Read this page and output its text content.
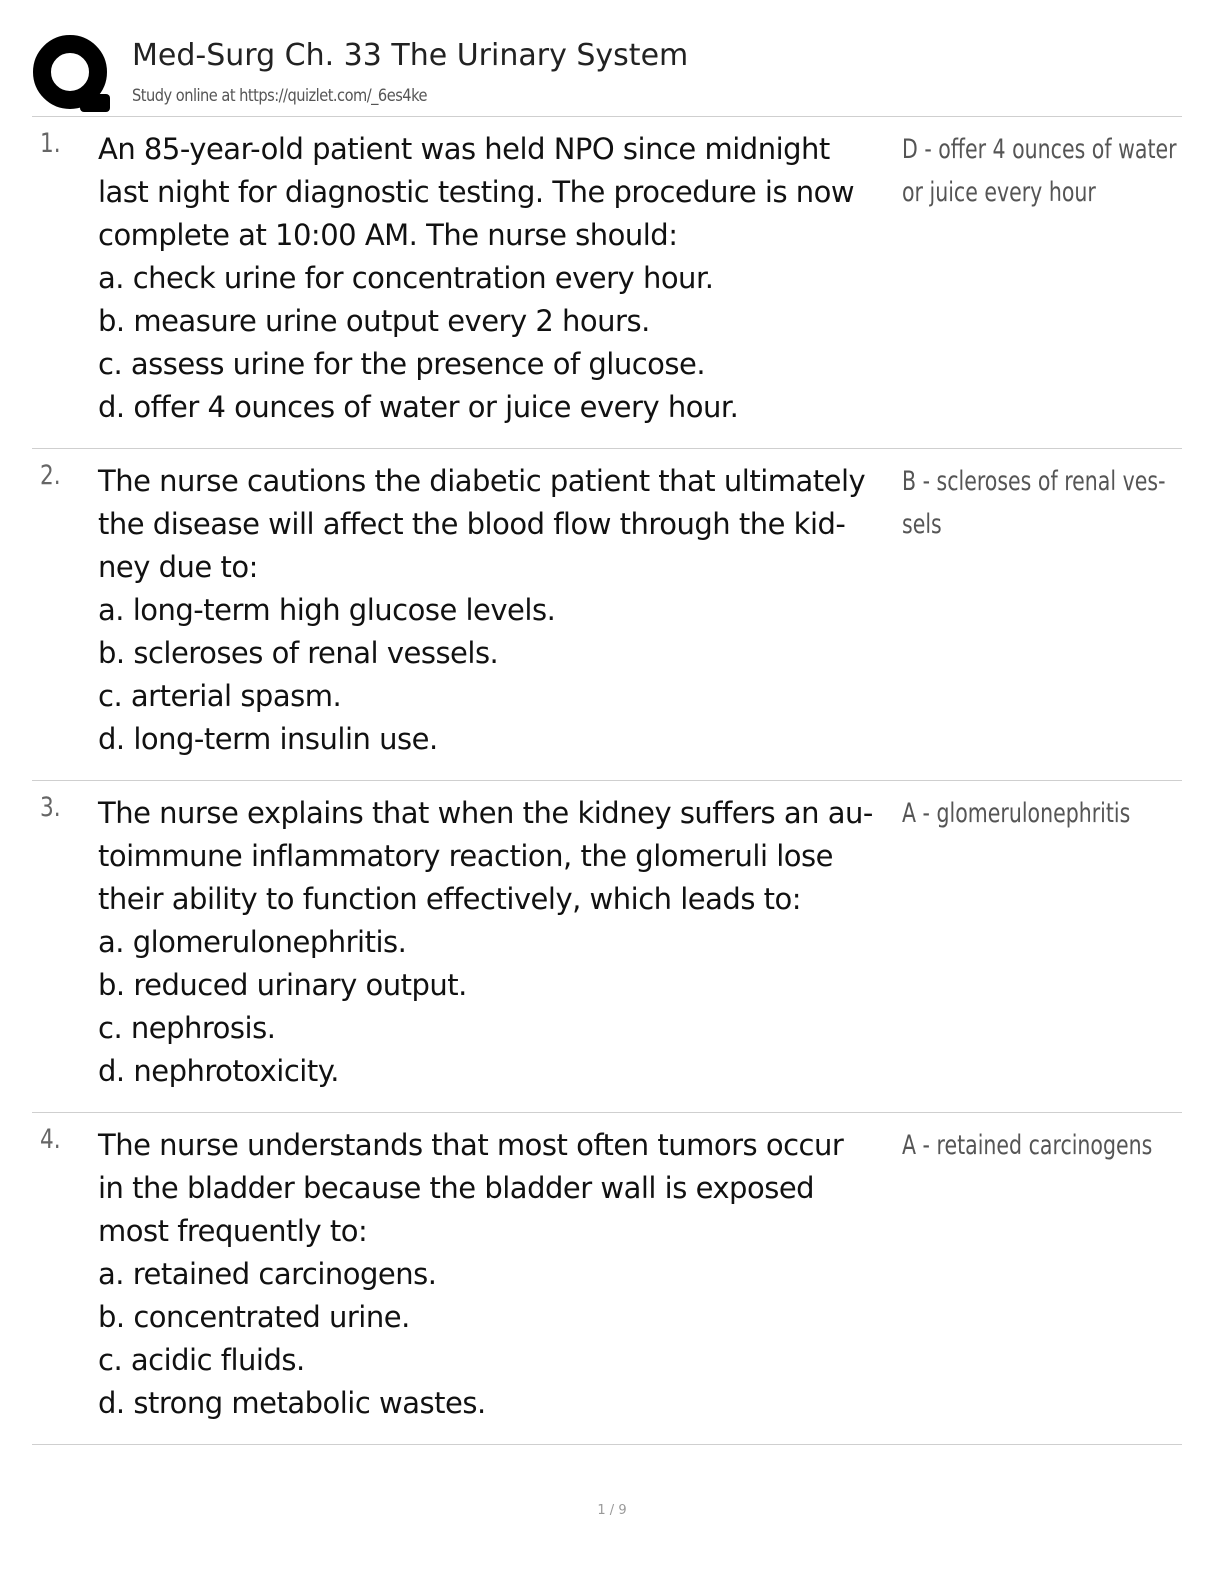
Med-Surg Ch. 33 The Urinary System
Study online at https://quizlet.com/_6es4ke
1. An 85-year-old patient was held NPO since midnight
last night for diagnostic testing. The procedure is now
complete at 10:00 AM. The nurse should:
a. check urine for concentration every hour.
b. measure urine output every 2 hours.
c. assess urine for the presence of glucose.
d. offer 4 ounces of water or juice every hour.
D - offer 4 ounces of water
or juice every hour
2. The nurse cautions the diabetic patient that ultimately
the disease will affect the blood flow through the kid-
ney due to:
a. long-term high glucose levels.
b. scleroses of renal vessels.
c. arterial spasm.
d. long-term insulin use.
B - scleroses of renal ves-
sels
3. The nurse explains that when the kidney suffers an au-
toimmune inflammatory reaction, the glomeruli lose
their ability to function effectively, which leads to:
a. glomerulonephritis.
b. reduced urinary output.
c. nephrosis.
d. nephrotoxicity.
A - glomerulonephritis
4. The nurse understands that most often tumors occur
in the bladder because the bladder wall is exposed
most frequently to:
a. retained carcinogens.
b. concentrated urine.
c. acidic fluids.
d. strong metabolic wastes.
A - retained carcinogens
1 / 9
